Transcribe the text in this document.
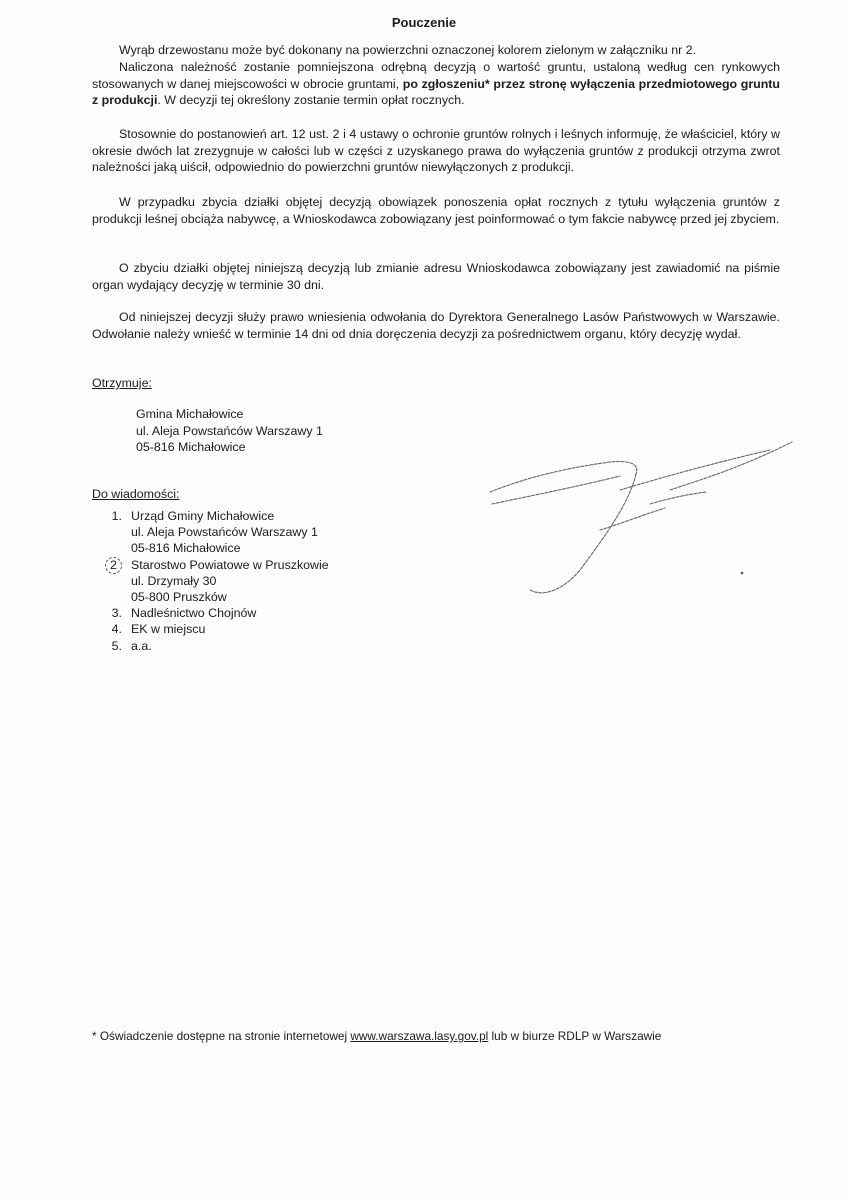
Pouczenie
Wyrąb drzewostanu może być dokonany na powierzchni oznaczonej kolorem zielonym w załączniku nr 2.
Naliczona należność zostanie pomniejszona odrębną decyzją o wartość gruntu, ustaloną według cen rynkowych stosowanych w danej miejscowości w obrocie gruntami, po zgłoszeniu* przez stronę wyłączenia przedmiotowego gruntu z produkcji. W decyzji tej określony zostanie termin opłat rocznych.
Stosownie do postanowień art. 12 ust. 2 i 4 ustawy o ochronie gruntów rolnych i leśnych informuję, że właściciel, który w okresie dwóch lat zrezygnuje w całości lub w części z uzyskanego prawa do wyłączenia gruntów z produkcji otrzyma zwrot należności jaką uiścił, odpowiednio do powierzchni gruntów niewyłączonych z produkcji.
W przypadku zbycia działki objętej decyzją obowiązek ponoszenia opłat rocznych z tytułu wyłączenia gruntów z produkcji leśnej obciąża nabywcę, a Wnioskodawca zobowiązany jest poinformować o tym fakcie nabywcę przed jej zbyciem.
O zbyciu działki objętej niniejszą decyzją lub zmianie adresu Wnioskodawca zobowiązany jest zawiadomić na piśmie organ wydający decyzję w terminie 30 dni.
Od niniejszej decyzji służy prawo wniesienia odwołania do Dyrektora Generalnego Lasów Państwowych w Warszawie. Odwołanie należy wnieść w terminie 14 dni od dnia doręczenia decyzji za pośrednictwem organu, który decyzję wydał.
Otrzymuje:
Gmina Michałowice
ul. Aleja Powstańców Warszawy 1
05-816 Michałowice
Do wiadomości:
1. Urząd Gminy Michałowice
ul. Aleja Powstańców Warszawy 1
05-816 Michałowice
2	Starostwo Powiatowe w Pruszkowie
ul. Drzymały 30
05-800 Pruszków
3. Nadleśnictwo Chojnów
4. EK w miejscu
5. a.a.
* Oświadczenie dostępne na stronie internetowej www.warszawa.lasy.gov.pl lub w biurze RDLP w Warszawie
